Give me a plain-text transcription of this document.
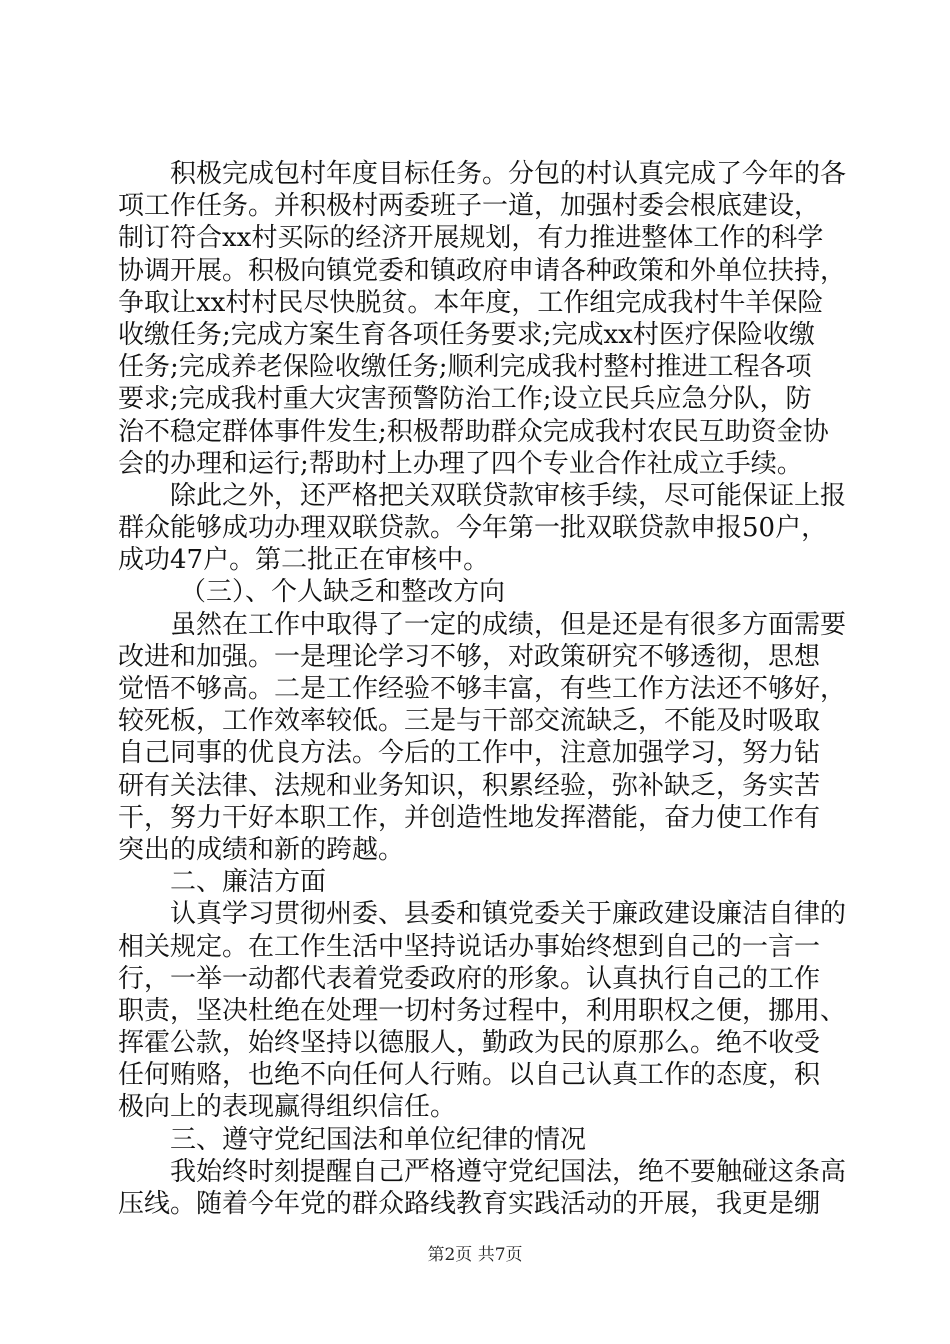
积极完成包村年度目标任务。分包的村认真完成了今年的各
项工作任务。并积极村两委班子一道，加强村委会根底建设，
制订符合xx村买际的经济开展规划，有力推进整体工作的科学
协调开展。积极向镇党委和镇政府申请各种政策和外单位扶持，
争取让xx村村民尽快脱贫。本年度，工作组完成我村牛羊保险
收缴任务;完成方案生育各项任务要求;完成xx村医疗保险收缴
任务;完成养老保险收缴任务;顺利完成我村整村推进工程各项
要求;完成我村重大灾害预警防治工作;设立民兵应急分队，防
治不稳定群体事件发生;积极帮助群众完成我村农民互助资金协
会的办理和运行;帮助村上办理了四个专业合作社成立手续。
除此之外，还严格把关双联贷款审核手续，尽可能保证上报
群众能够成功办理双联贷款。今年第一批双联贷款申报50户，
成功47户。第二批正在审核中。
（三）、个人缺乏和整改方向
虽然在工作中取得了一定的成绩，但是还是有很多方面需要
改进和加强。一是理论学习不够，对政策研究不够透彻，思想
觉悟不够高。二是工作经验不够丰富，有些工作方法还不够好，
较死板，工作效率较低。三是与干部交流缺乏，不能及时吸取
自己同事的优良方法。今后的工作中，注意加强学习，努力钻
研有关法律、法规和业务知识，积累经验，弥补缺乏，务实苦
干，努力干好本职工作，并创造性地发挥潜能，奋力使工作有
突出的成绩和新的跨越。
二、廉洁方面
认真学习贯彻州委、县委和镇党委关于廉政建设廉洁自律的
相关规定。在工作生活中坚持说话办事始终想到自己的一言一
行，一举一动都代表着党委政府的形象。认真执行自己的工作
职责，坚决杜绝在处理一切村务过程中，利用职权之便，挪用、
挥霍公款，始终坚持以德服人，勤政为民的原那么。绝不收受
任何贿赂，也绝不向任何人行贿。以自己认真工作的态度，积
极向上的表现赢得组织信任。
三、遵守党纪国法和单位纪律的情况
我始终时刻提醒自己严格遵守党纪国法，绝不要触碰这条高
压线。随着今年党的群众路线教育实践活动的开展，我更是绷
第2页 共7页
